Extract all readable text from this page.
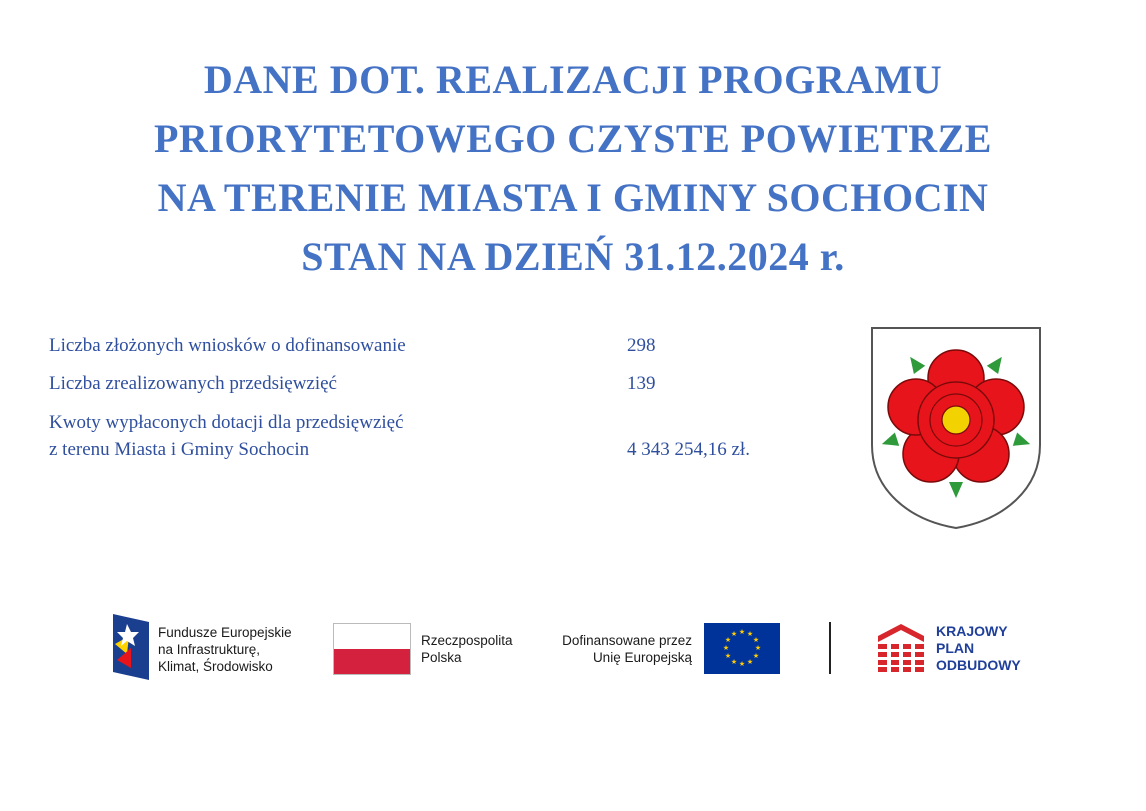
DANE DOT. REALIZACJI PROGRAMU
PRIORYTETOWEGO CZYSTE POWIETRZE
NA TERENIE MIASTA I GMINY SOCHOCIN
STAN NA DZIEŃ 31.12.2024 r.
Liczba złożonych wniosków o dofinansowanie	298
Liczba zrealizowanych przedsięwzięć	139
Kwoty wypłaconych dotacji dla przedsięwzięć
z terenu Miasta i Gminy Sochocin	4 343 254,16 zł.
Fundusze Europejskie
na Infrastrukturę,
Klimat, Środowisko
Rzeczpospolita
Polska
Dofinansowane przez
Unię Europejską
★ ★
★
★
★
★
★
★
★
★
★
★	KRAJOWY
PLAN
ODBUDOWY
